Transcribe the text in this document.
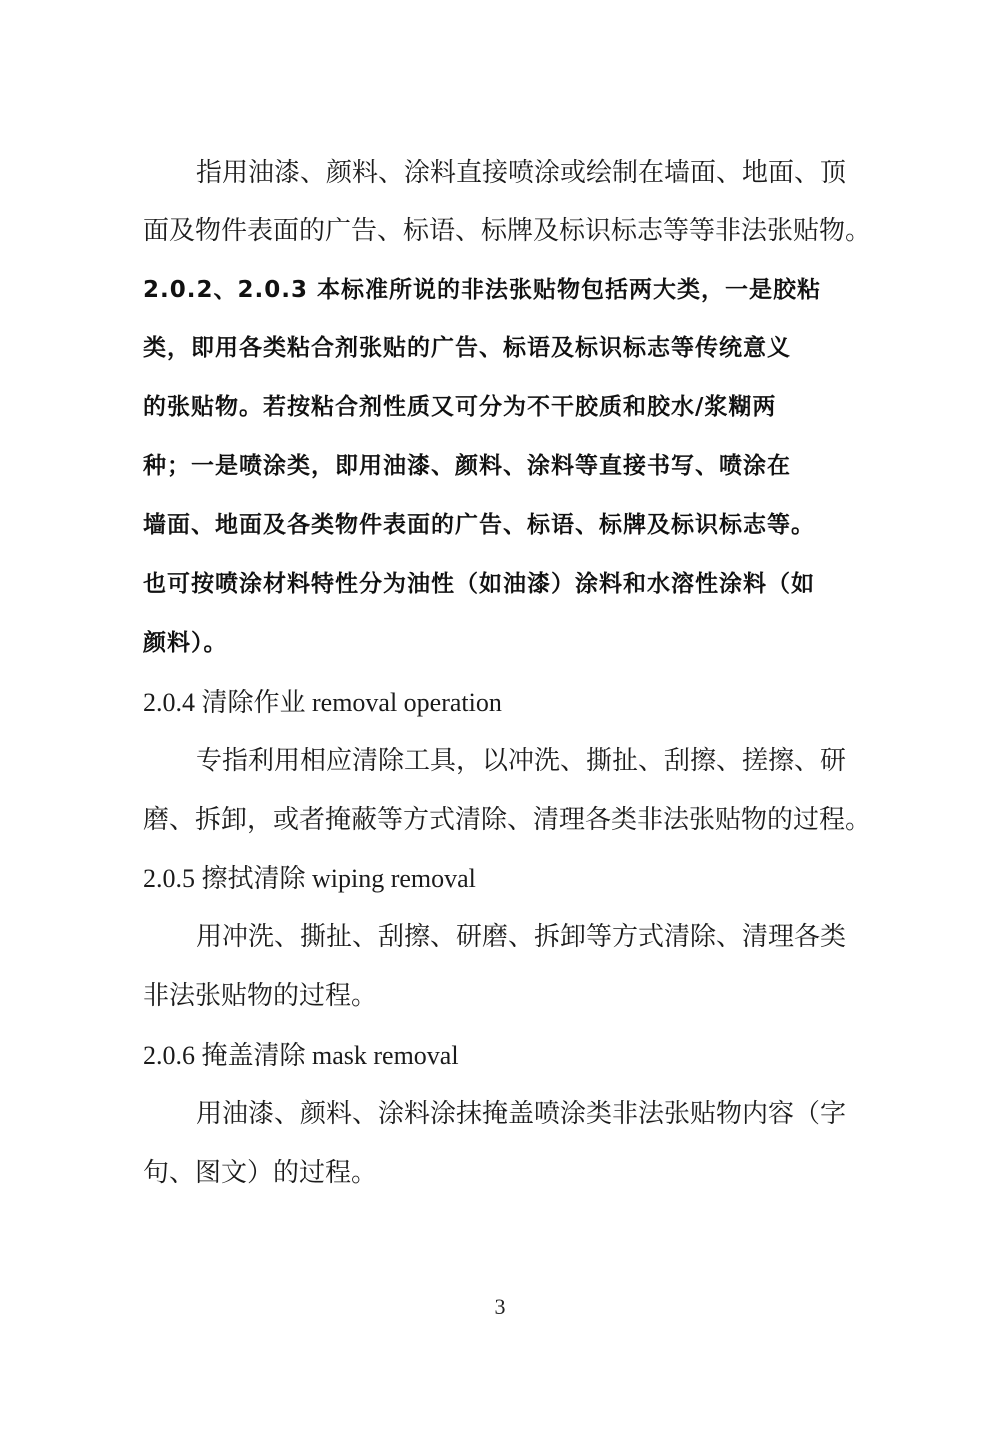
指用油漆、颜料、涂料直接喷涂或绘制在墙面、地面、顶
面及物件表面的广告、标语、标牌及标识标志等等非法张贴物。
2.0.2、2.0.3 本标准所说的非法张贴物包括两大类，一是胶粘
类，即用各类粘合剂张贴的广告、标语及标识标志等传统意义
的张贴物。若按粘合剂性质又可分为不干胶质和胶水/浆糊两
种；一是喷涂类，即用油漆、颜料、涂料等直接书写、喷涂在
墙面、地面及各类物件表面的广告、标语、标牌及标识标志等。
也可按喷涂材料特性分为油性（如油漆）涂料和水溶性涂料（如
颜料）。
2.0.4 清除作业 removal operation
专指利用相应清除工具，以冲洗、撕扯、刮擦、搓擦、研
磨、拆卸，或者掩蔽等方式清除、清理各类非法张贴物的过程。
2.0.5 擦拭清除 wiping removal
用冲洗、撕扯、刮擦、研磨、拆卸等方式清除、清理各类
非法张贴物的过程。
2.0.6 掩盖清除 mask removal
用油漆、颜料、涂料涂抹掩盖喷涂类非法张贴物内容（字
句、图文）的过程。
3
